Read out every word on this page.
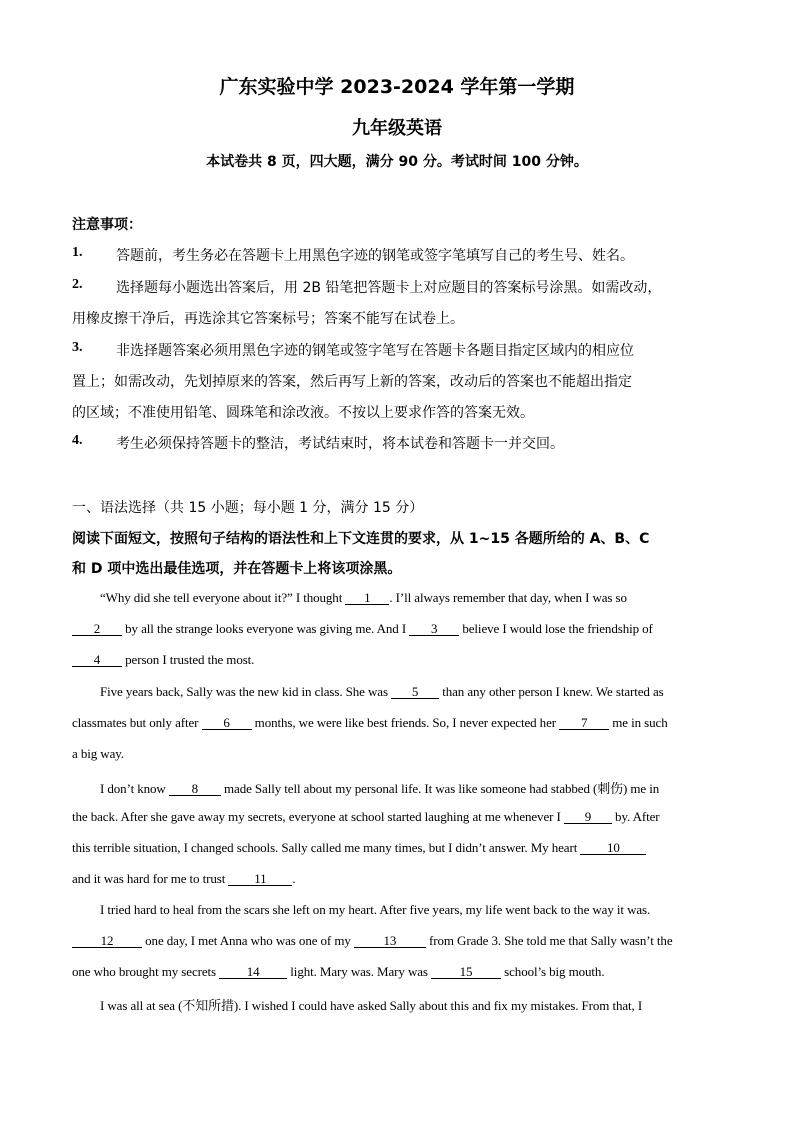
广东实验中学 2023-2024 学年第一学期
九年级英语
本试卷共 8 页，四大题，满分 90 分。考试时间 100 分钟。
注意事项：
1. 答题前，考生务必在答题卡上用黑色字迹的钢笔或签字笔填写自己的考生号、姓名。
2. 选择题每小题选出答案后，用 2B 铅笔把答题卡上对应题目的答案标号涂黑。如需改动，
用橡皮擦干净后，再选涂其它答案标号；答案不能写在试卷上。
3. 非选择题答案必须用黑色字迹的钢笔或签字笔写在答题卡各题目指定区域内的相应位
置上；如需改动，先划掉原来的答案，然后再写上新的答案，改动后的答案也不能超出指定
的区域；不准使用铅笔、圆珠笔和涂改液。不按以上要求作答的答案无效。
4. 考生必须保持答题卡的整洁，考试结束时，将本试卷和答题卡一并交回。
一、语法选择（共 15 小题；每小题 1 分，满分 15 分）
阅读下面短文，按照句子结构的语法性和上下文连贯的要求，从 1~15 各题所给的 A、B、C
和 D 项中选出最佳选项，并在答题卡上将该项涂黑。
“Why did she tell everyone about it?” I thought 1 . I’ll always remember that day, when I was so
2 by all the strange looks everyone was giving me. And I 3 believe I would lose the friendship of
4 person I trusted the most.
Five years back, Sally was the new kid in class. She was 5 than any other person I knew. We started as
classmates but only after 6 months, we were like best friends. So, I never expected her 7 me in such
a big way.
I don’t know 8 made Sally tell about my personal life. It was like someone had stabbed (刺伤) me in
the back. After she gave away my secrets, everyone at school started laughing at me whenever I 9 by. After
this terrible situation, I changed schools. Sally called me many times, but I didn’t answer. My heart 10
and it was hard for me to trust 11 .
I tried hard to heal from the scars she left on my heart. After five years, my life went back to the way it was.
12 one day, I met Anna who was one of my 13 from Grade 3. She told me that Sally wasn’t the
one who brought my secrets 14 light. Mary was. Mary was 15 school’s big mouth.
I was all at sea (不知所措). I wished I could have asked Sally about this and fix my mistakes. From that, I
